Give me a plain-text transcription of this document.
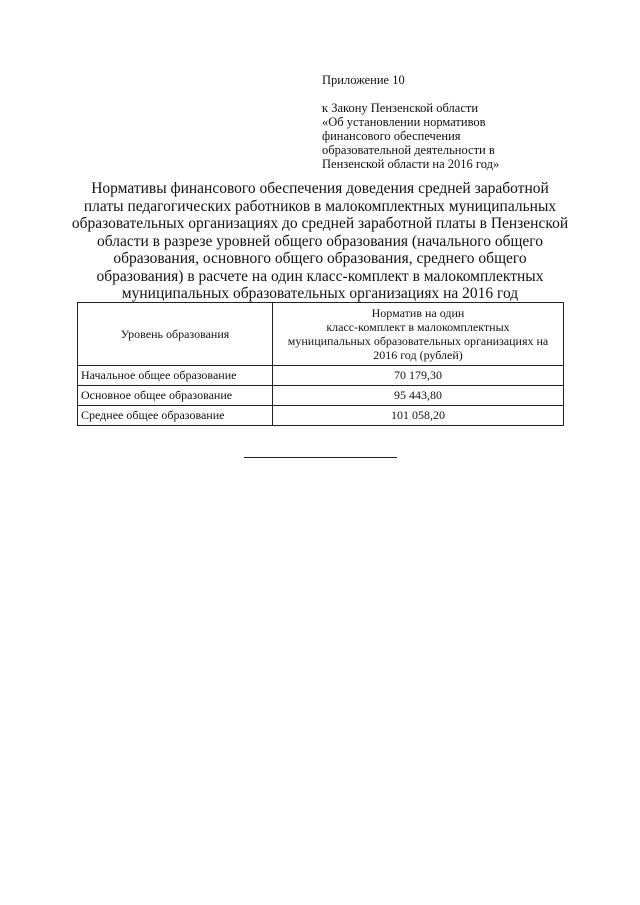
Приложение 10
к Закону Пензенской области
«Об установлении нормативов
финансового обеспечения
образовательной деятельности в
Пензенской области на 2016 год»
Нормативы финансового обеспечения доведения средней заработной
платы педагогических работников в малокомплектных муниципальных
образовательных организациях до средней заработной платы в Пензенской
области в разрезе уровней общего образования (начального общего
образования, основного общего образования, среднего общего
образования) в расчете на один класс-комплект в малокомплектных
муниципальных образовательных организациях на 2016 год
Уровень образования	Норматив на один
класс-комплект в малокомплектных
муниципальных образовательных организациях на
2016 год (рублей)

Начальное общее образование	70 179,30
Основное общее образование	95 443,80
Среднее общее образование	101 058,20
